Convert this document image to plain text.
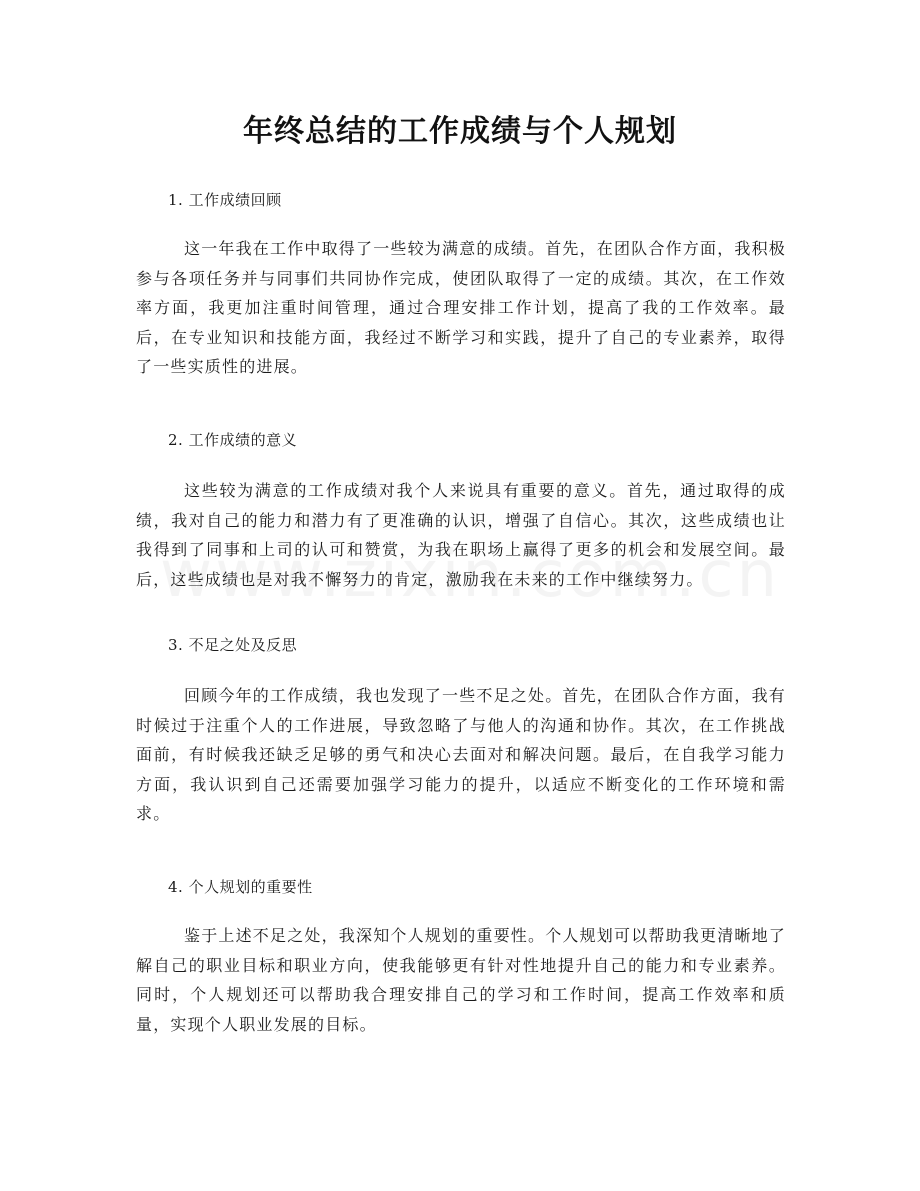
年终总结的工作成绩与个人规划
1. 工作成绩回顾

这一年我在工作中取得了一些较为满意的成绩。首先，在团队合作方面，我积极参与各项任务并与同事们共同协作完成，使团队取得了一定的成绩。其次，在工作效率方面，我更加注重时间管理，通过合理安排工作计划，提高了我的工作效率。最后，在专业知识和技能方面，我经过不断学习和实践，提升了自己的专业素养，取得了一些实质性的进展。

2. 工作成绩的意义

这些较为满意的工作成绩对我个人来说具有重要的意义。首先，通过取得的成绩，我对自己的能力和潜力有了更准确的认识，增强了自信心。其次，这些成绩也让我得到了同事和上司的认可和赞赏，为我在职场上赢得了更多的机会和发展空间。最后，这些成绩也是对我不懈努力的肯定，激励我在未来的工作中继续努力。

3. 不足之处及反思

回顾今年的工作成绩，我也发现了一些不足之处。首先，在团队合作方面，我有时候过于注重个人的工作进展，导致忽略了与他人的沟通和协作。其次，在工作挑战面前，有时候我还缺乏足够的勇气和决心去面对和解决问题。最后，在自我学习能力方面，我认识到自己还需要加强学习能力的提升，以适应不断变化的工作环境和需求。

4. 个人规划的重要性

鉴于上述不足之处，我深知个人规划的重要性。个人规划可以帮助我更清晰地了解自己的职业目标和职业方向，使我能够更有针对性地提升自己的能力和专业素养。同时，个人规划还可以帮助我合理安排自己的学习和工作时间，提高工作效率和质量，实现个人职业发展的目标。
